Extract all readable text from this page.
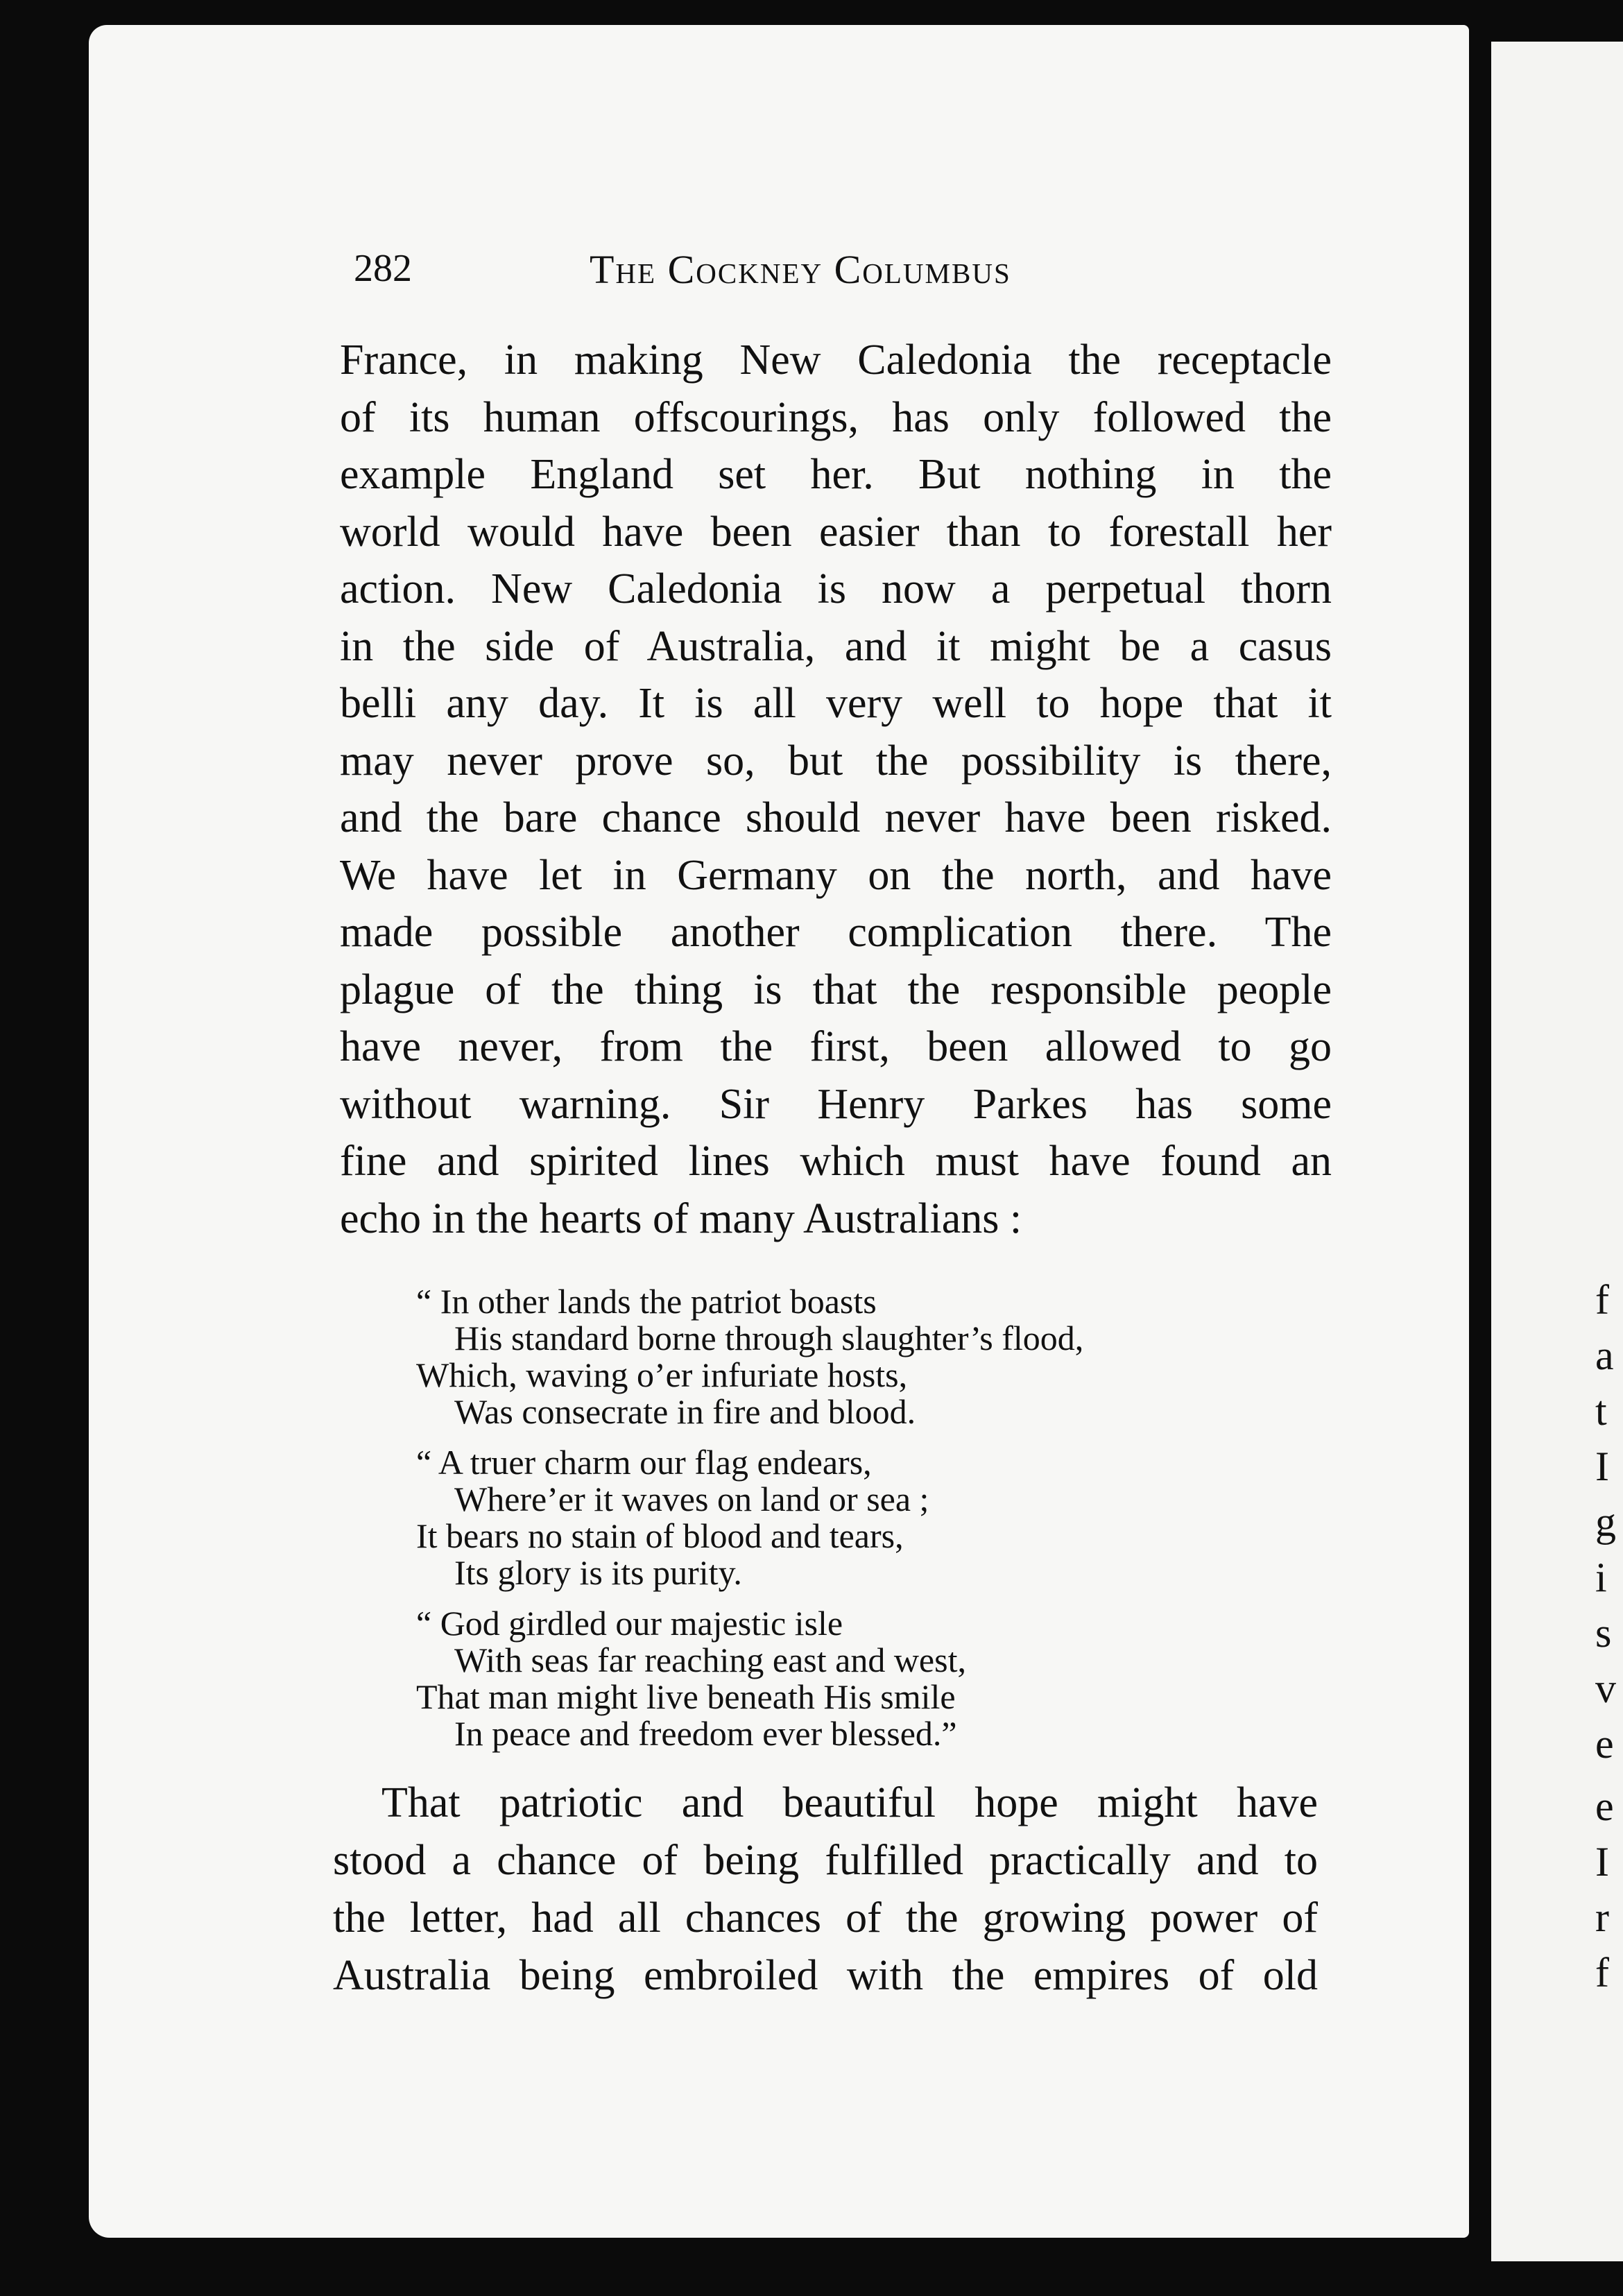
282	The Cockney Columbus
France, in making New Caledonia the receptacle
of its human offscourings, has only followed the
example England set her. But nothing in the
world would have been easier than to forestall her
action. New Caledonia is now a perpetual thorn
in the side of Australia, and it might be a casus
belli any day. It is all very well to hope that it
may never prove so, but the possibility is there,
and the bare chance should never have been risked.
We have let in Germany on the north, and have
made possible another complication there. The
plague of the thing is that the responsible people
have never, from the first, been allowed to go
without warning. Sir Henry Parkes has some
fine and spirited lines which must have found an
echo in the hearts of many Australians :
“ In other lands the patriot boasts
His standard borne through slaughter’s flood,
Which, waving o’er infuriate hosts,
Was consecrate in fire and blood.
“ A truer charm our flag endears,
Where’er it waves on land or sea ;
It bears no stain of blood and tears,
Its glory is its purity.
“ God girdled our majestic isle
With seas far reaching east and west,
That man might live beneath His smile
In peace and freedom ever blessed.”
That patriotic and beautiful hope might have
stood a chance of being fulfilled practically and to
the letter, had all chances of the growing power of
Australia being embroiled with the empires of old
f
a
t
I
g
i
s
v
e
e
I
r
f
